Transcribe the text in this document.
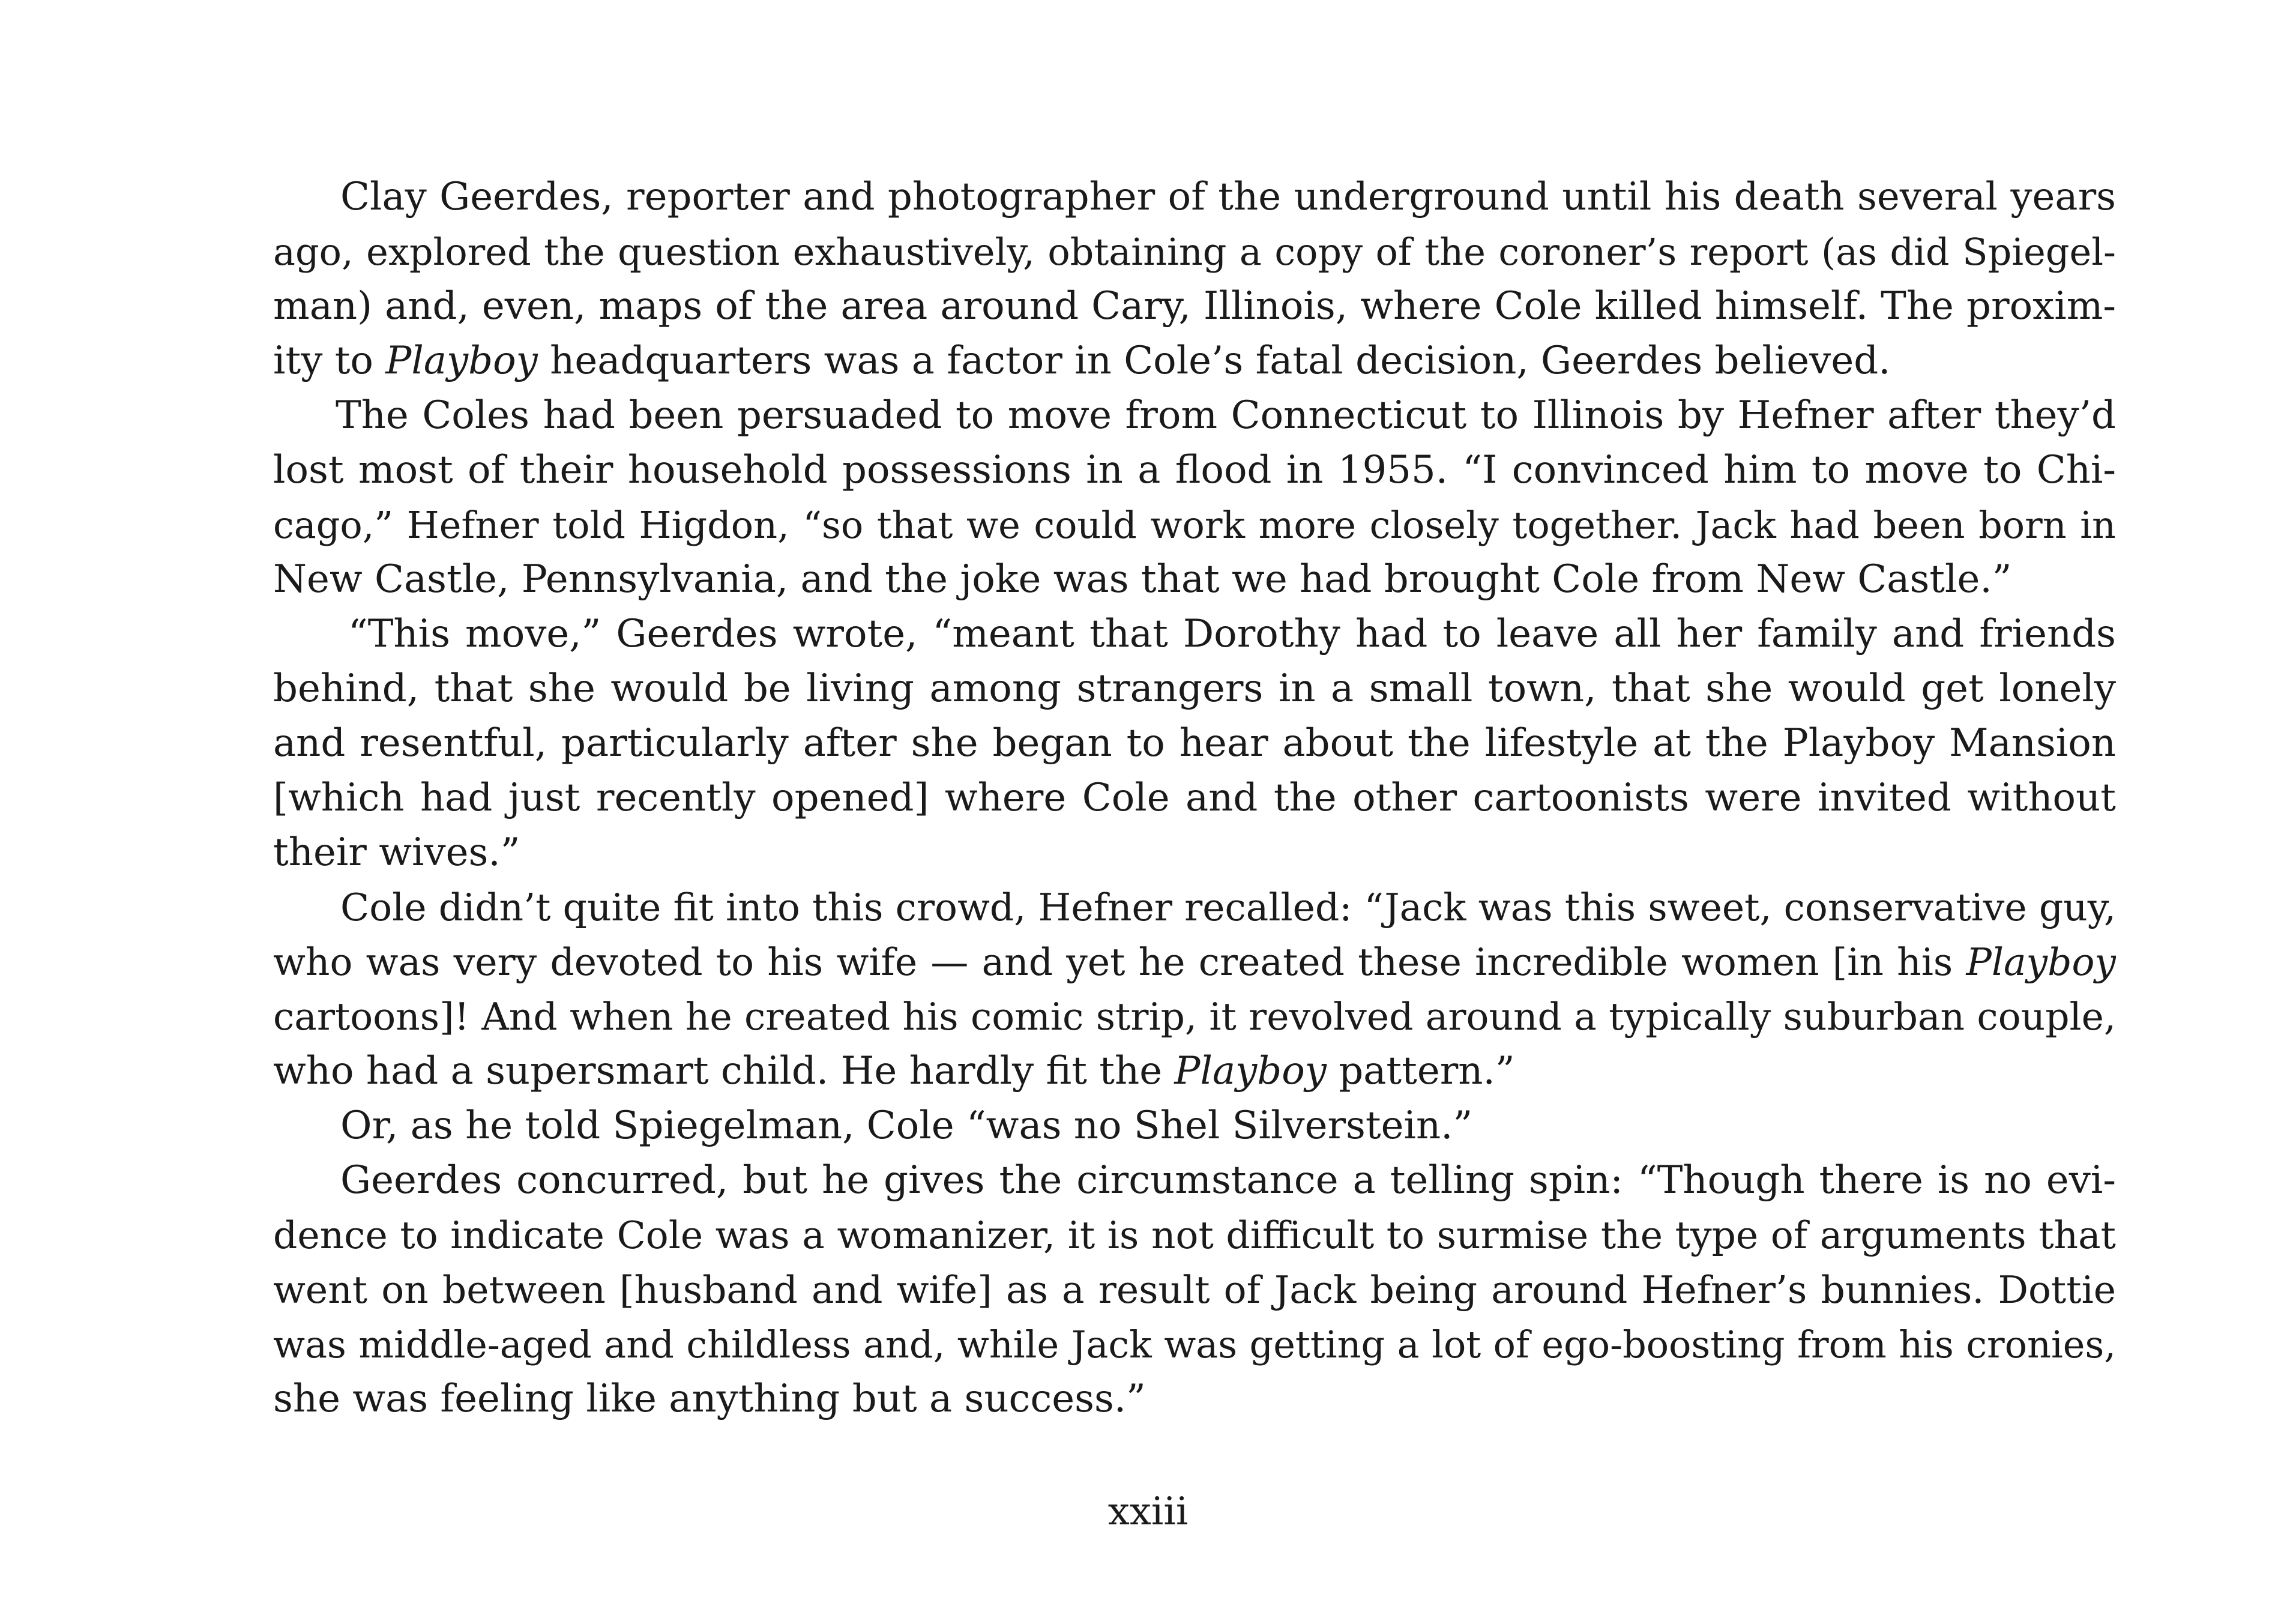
Clay Geerdes, reporter and photographer of the underground until his death several years
ago, explored the question exhaustively, obtaining a copy of the coroner’s report (as did Spiegel-
man) and, even, maps of the area around Cary, Illinois, where Cole killed himself. The proxim-
ity to Playboy headquarters was a factor in Cole’s fatal decision, Geerdes believed.
The Coles had been persuaded to move from Connecticut to Illinois by Hefner after they’d
lost most of their household possessions in a flood in 1955. “I convinced him to move to Chi-
cago,” Hefner told Higdon, “so that we could work more closely together. Jack had been born in
New Castle, Pennsylvania, and the joke was that we had brought Cole from New Castle.”
“This move,” Geerdes wrote, “meant that Dorothy had to leave all her family and friends
behind, that she would be living among strangers in a small town, that she would get lonely
and resentful, particularly after she began to hear about the lifestyle at the Playboy Mansion
[which had just recently opened] where Cole and the other cartoonists were invited without
their wives.”
Cole didn’t quite fit into this crowd, Hefner recalled: “Jack was this sweet, conservative guy,
who was very devoted to his wife — and yet he created these incredible women [in his Playboy
cartoons]! And when he created his comic strip, it revolved around a typically suburban couple,
who had a supersmart child. He hardly fit the Playboy pattern.”
Or, as he told Spiegelman, Cole “was no Shel Silverstein.”
Geerdes concurred, but he gives the circumstance a telling spin: “Though there is no evi-
dence to indicate Cole was a womanizer, it is not difficult to surmise the type of arguments that
went on between [husband and wife] as a result of Jack being around Hefner’s bunnies. Dottie
was middle-aged and childless and, while Jack was getting a lot of ego-boosting from his cronies,
she was feeling like anything but a success.”
xxiii
